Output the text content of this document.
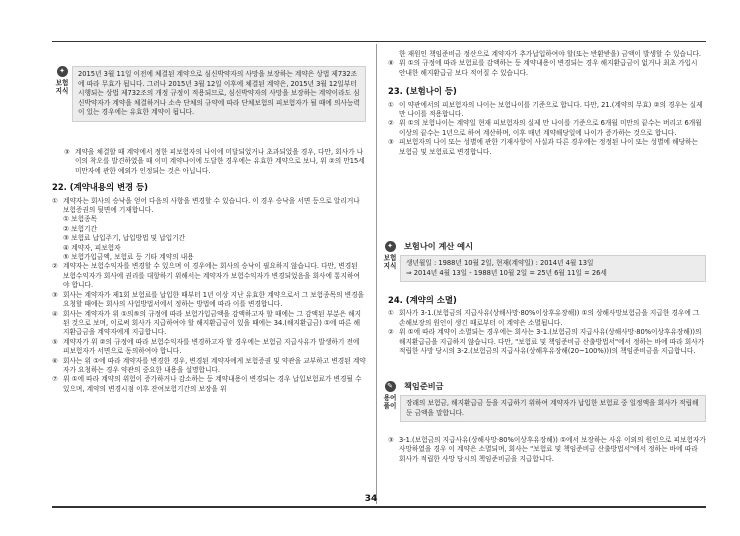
✦
보험 지식
2015년 3월 11일 이전에 체결된 계약으로 심신박약자의 사망을 보장하는 계약은 상법 제732조에 따라 무효가 됩니다. 그러나 2015년 3월 12일 이후에 체결된 계약은, 2015년 3월 12일부터 시행되는 상법 제732조의 개정 규정이 적용되므로, 심신박약자의 사망을 보장하는 계약이라도 심신박약자가 계약을 체결하거나 소속 단체의 규약에 따라 단체보험의 피보험자가 될 때에 의사능력이 있는 경우에는 유효한 계약이 됩니다.
③ 계약을 체결할 때 계약에서 정한 피보험자의 나이에 미달되었거나 초과되었을 경우, 다만, 회사가 나이의 착오를 발견하였을 때 이미 계약나이에 도달한 경우에는 유효한 계약으로 보나, 위 ②의 만15세 미만자에 관한 예외가 인정되는 것은 아닙니다.
22. (계약내용의 변경 등)
① 계약자는 회사의 승낙을 얻어 다음의 사항을 변경할 수 있습니다. 이 경우 승낙을 서면 등으로 알리거나 보험증권의 뒷면에 기재합니다.

① 보험종목

② 보험기간

③ 보험료 납입주기, 납입방법 및 납입기간

④ 계약자, 피보험자

⑤ 보험가입금액, 보험료 등 기타 계약의 내용

② 계약자는 보험수익자를 변경할 수 있으며 이 경우에는 회사의 승낙이 필요하지 않습니다. 다만, 변경된 보험수익자가 회사에 권리를 대항하기 위해서는 계약자가 보험수익자가 변경되었음을 회사에 통지하여야 합니다.
③ 회사는 계약자가 제1회 보험료를 납입한 때부터 1년 이상 지난 유효한 계약으로서 그 보험종목의 변경을 요청할 때에는 회사의 사업방법서에서 정하는 방법에 따라 이를 변경합니다.
④ 회사는 계약자가 위 ①의⑤의 규정에 따라 보험가입금액을 감액하고자 할 때에는 그 감액된 부분은 해지된 것으로 보며, 이로써 회사가 지급하여야 할 해지환급금이 있을 때에는 34.(해지환급금) ①에 따른 해지환급금을 계약자에게 지급합니다.
⑤ 계약자가 위 ②의 규정에 따라 보험수익자를 변경하고자 할 경우에는 보험금 지급사유가 발생하기 전에 피보험자가 서면으로 동의하여야 합니다.
⑥ 회사는 위 ①에 따라 계약자를 변경한 경우, 변경된 계약자에게 보험증권 및 약관을 교부하고 변경된 계약자가 요청하는 경우 약관의 중요한 내용을 설명합니다.
⑦ 위 ①에 따라 계약의 위험이 증가하거나 감소하는 등 계약내용이 변경되는 경우 납입보험료가 변경될 수 있으며, 계약의 변경시점 이후 잔여보험기간의 보장을 위
한 재원인 책임준비금 정산으로 계약자가 추가납입하여야 할(또는 반환받을) 금액이 발생할 수 있습니다.
⑧ 위 ①의 규정에 따라 보험료를 감액하는 등 계약내용이 변경되는 경우 해지환급금이 없거나 최초 가입시 안내한 해지환급금 보다 적어질 수 있습니다.
23. (보험나이 등)
① 이 약관에서의 피보험자의 나이는 보험나이를 기준으로 합니다. 다만, 21.(계약의 무효) ②의 경우는 실제 만 나이를 적용합니다.
② 위 ①의 보험나이는 계약일 현재 피보험자의 실제 만 나이를 기준으로 6개월 미만의 끝수는 버리고 6개월 이상의 끝수는 1년으로 하여 계산하며, 이후 매년 계약해당일에 나이가 증가하는 것으로 합니다.
③ 피보험자의 나이 또는 성별에 관한 기재사항이 사실과 다른 경우에는 정정된 나이 또는 성별에 해당하는 보험금 및 보험료로 변경합니다.
✦
보험 지식
보험나이 계산 예시

생년월일 : 1988년 10월 2일, 현재(계약일) : 2014년 4월 13일

⇒ 2014년 4월 13일 - 1988년 10월 2일 = 25년 6월 11일 = 26세

24. (계약의 소멸)
① 회사가 3-1.(보험금의 지급사유(상해사망·80%이상후유장해)) ①의 상해사망보험금을 지급한 경우에 그 손해보장의 원인이 생긴 때로부터 이 계약은 소멸됩니다.
② 위 ①에 따라 계약이 소멸되는 경우에는 회사는 3-1.(보험금의 지급사유(상해사망·80%이상후유장해))의 해지환급금을 지급하지 않습니다. 다만, "보험료 및 책임준비금 산출방법서"에서 정하는 바에 따라 회사가 적립한 사망 당시의 3-2.(보험금의 지급사유(상해후유장해(20~100%)))의 책임준비금을 지급합니다.
✎
용어 풀이
책임준비금
장래의 보험금, 해지환급금 등을 지급하기 위하여 계약자가 납입한 보험료 중 일정액을 회사가 적립해 둔 금액을 말합니다.
③ 3-1.(보험금의 지급사유(상해사망·80%이상후유장해)) ①에서 보장하는 사유 이외의 원인으로 피보험자가 사망하였을 경우 이 계약은 소멸되며, 회사는 "보험료 및 책임준비금 산출방법서"에서 정하는 바에 따라 회사가 적립한 사망 당시의 책임준비금을 지급합니다.
34
